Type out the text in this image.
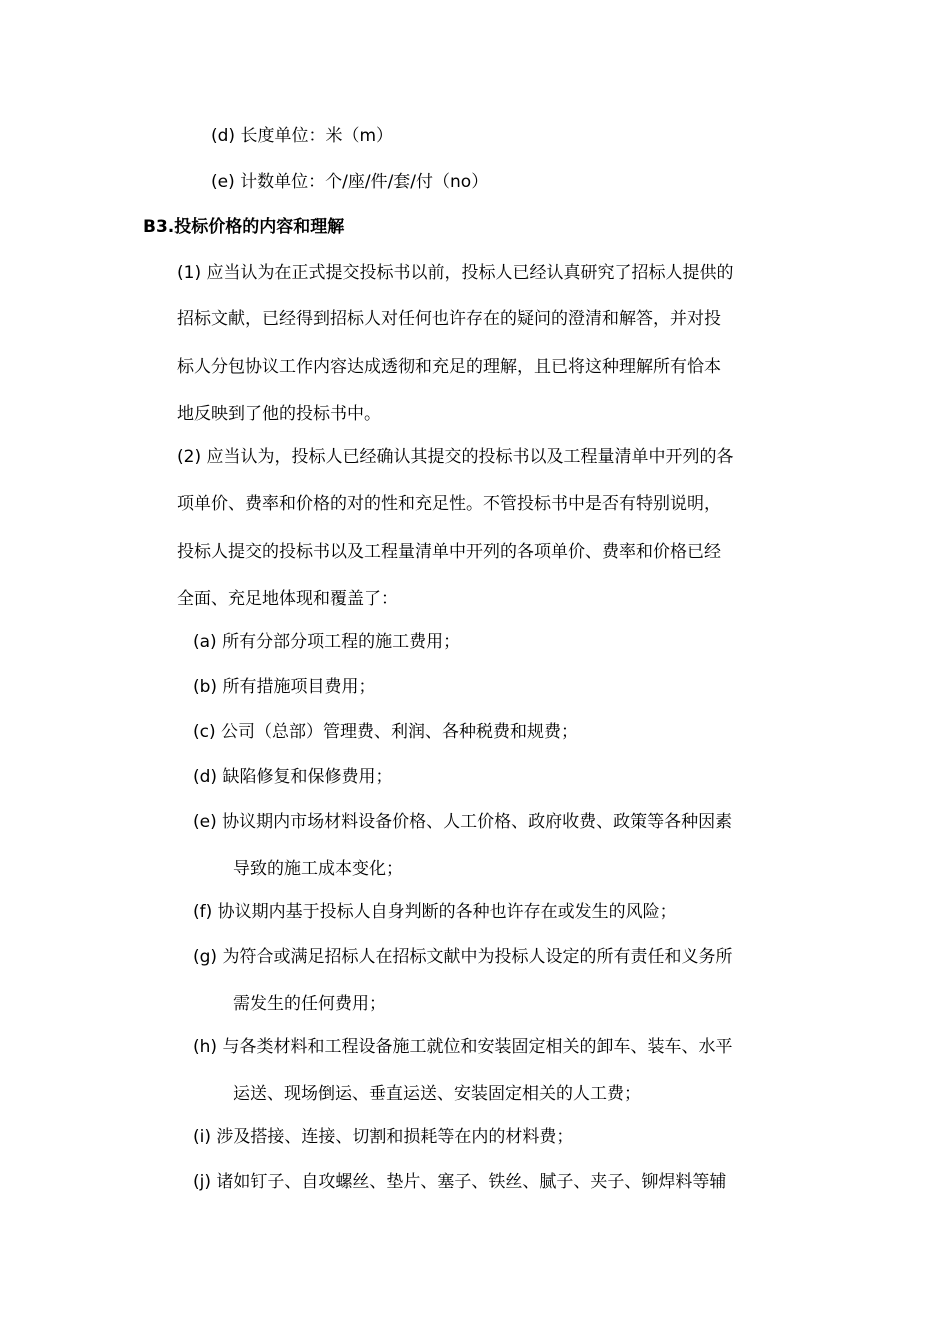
(d) 长度单位：米（m）
(e) 计数单位：个/座/件/套/付（no）
B3.投标价格的内容和理解
(1) 应当认为在正式提交投标书以前，投标人已经认真研究了招标人提供的
招标文献，已经得到招标人对任何也许存在的疑问的澄清和解答，并对投
标人分包协议工作内容达成透彻和充足的理解，且已将这种理解所有恰本
地反映到了他的投标书中。
(2) 应当认为，投标人已经确认其提交的投标书以及工程量清单中开列的各
项单价、费率和价格的对的性和充足性。不管投标书中是否有特别说明，
投标人提交的投标书以及工程量清单中开列的各项单价、费率和价格已经
全面、充足地体现和覆盖了：
(a) 所有分部分项工程的施工费用；
(b) 所有措施项目费用；
(c) 公司（总部）管理费、利润、各种税费和规费；
(d) 缺陷修复和保修费用；
(e) 协议期内市场材料设备价格、人工价格、政府收费、政策等各种因素
导致的施工成本变化；
(f) 协议期内基于投标人自身判断的各种也许存在或发生的风险；
(g) 为符合或满足招标人在招标文献中为投标人设定的所有责任和义务所
需发生的任何费用；
(h) 与各类材料和工程设备施工就位和安装固定相关的卸车、装车、水平
运送、现场倒运、垂直运送、安装固定相关的人工费；
(i) 涉及搭接、连接、切割和损耗等在内的材料费；
(j) 诸如钉子、自攻螺丝、垫片、塞子、铁丝、腻子、夹子、铆焊料等辅
